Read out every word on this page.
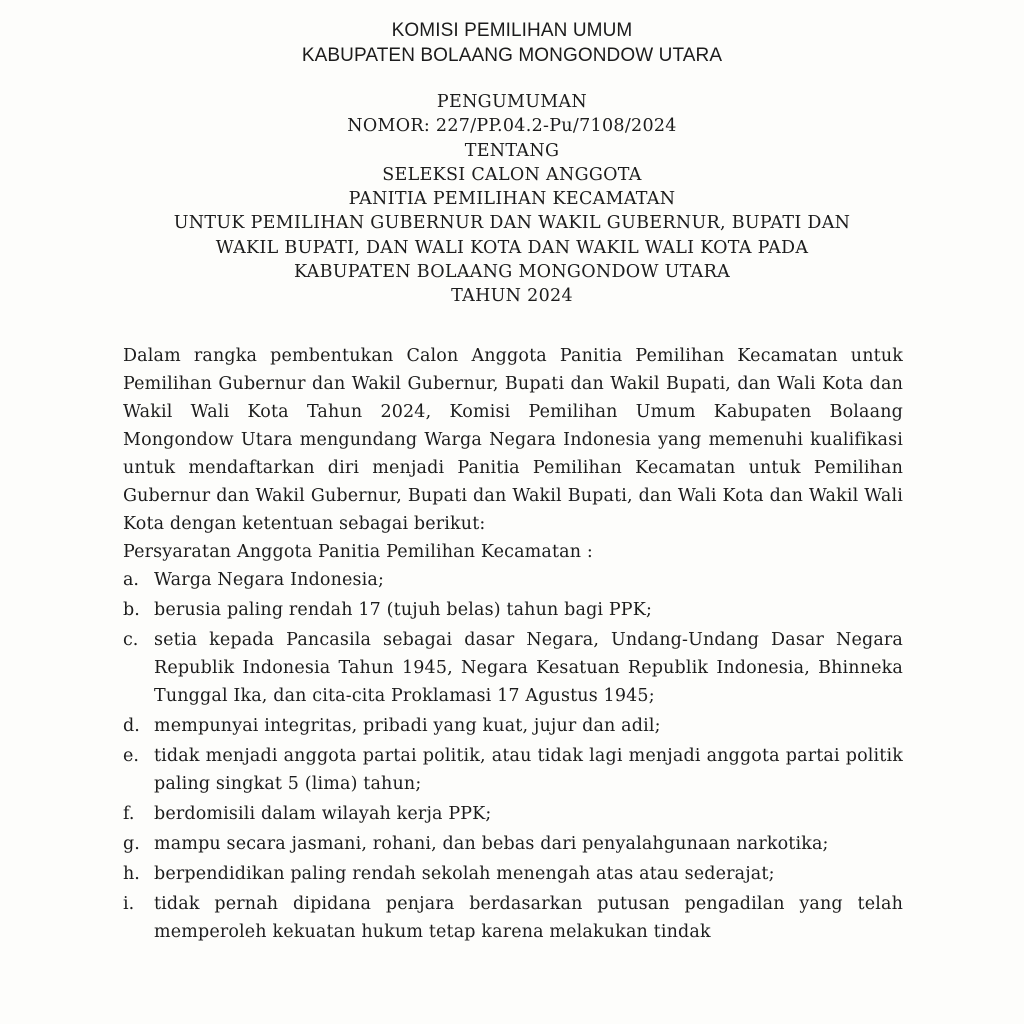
KOMISI PEMILIHAN UMUM

KABUPATEN BOLAANG MONGONDOW UTARA

PENGUMUMAN

NOMOR: 227/PP.04.2-Pu/7108/2024

TENTANG

SELEKSI CALON ANGGOTA

PANITIA PEMILIHAN KECAMATAN

UNTUK PEMILIHAN GUBERNUR DAN WAKIL GUBERNUR, BUPATI DAN

WAKIL BUPATI, DAN WALI KOTA DAN WAKIL WALI KOTA PADA

KABUPATEN BOLAANG MONGONDOW UTARA

TAHUN 2024

Dalam rangka pembentukan Calon Anggota Panitia Pemilihan Kecamatan untuk Pemilihan Gubernur dan Wakil Gubernur, Bupati dan Wakil Bupati, dan Wali Kota dan Wakil Wali Kota Tahun 2024, Komisi Pemilihan Umum Kabupaten Bolaang Mongondow Utara mengundang Warga Negara Indonesia yang memenuhi kualifikasi untuk mendaftarkan diri menjadi Panitia Pemilihan Kecamatan untuk Pemilihan Gubernur dan Wakil Gubernur, Bupati dan Wakil Bupati, dan Wali Kota dan Wakil Wali Kota dengan ketentuan sebagai berikut:

Persyaratan Anggota Panitia Pemilihan Kecamatan :

a. Warga Negara Indonesia;
b. berusia paling rendah 17 (tujuh belas) tahun bagi PPK;
c. setia kepada Pancasila sebagai dasar Negara, Undang-Undang Dasar Negara Republik Indonesia Tahun 1945, Negara Kesatuan Republik Indonesia, Bhinneka Tunggal Ika, dan cita-cita Proklamasi 17 Agustus 1945;
d. mempunyai integritas, pribadi yang kuat, jujur dan adil;
e. tidak menjadi anggota partai politik, atau tidak lagi menjadi anggota partai politik paling singkat 5 (lima) tahun;
f.	berdomisili dalam wilayah kerja PPK;
g. mampu secara jasmani, rohani, dan bebas dari penyalahgunaan narkotika;
h. berpendidikan paling rendah sekolah menengah atas atau sederajat;
i.	tidak pernah dipidana penjara berdasarkan putusan pengadilan yang telah memperoleh kekuatan hukum tetap karena melakukan tindak
